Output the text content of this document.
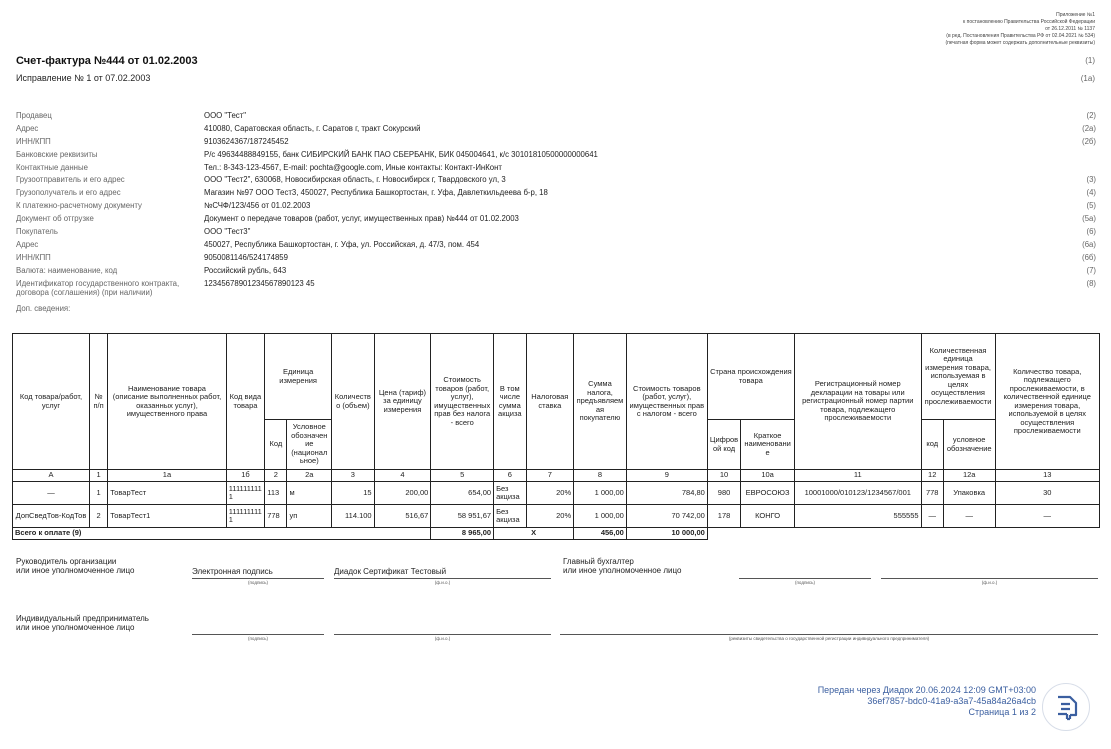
Приложение №1
к постановлению Правительства Российской Федерации
от 26.12.2011 № 1137
(в ред. Постановления Правительства РФ от 02.04.2021 № 534)
(печатная форма может содержать дополнительные реквизиты)
Счет-фактура №444 от 01.02.2003	(1)
Исправление № 1 от 07.02.2003	(1а)
Продавец	ООО "Тест"	(2)
Адрес	410080, Саратовская область, г. Саратов г, тракт Сокурский	(2а)
ИНН/КПП	9103624367/187245452	(2б)
Банковские реквизиты	Р/с 49634488849155, банк СИБИРСКИЙ БАНК ПАО СБЕРБАНК, БИК 045004641, к/с 30101810500000000641
Контактные данные	Тел.: 8-343-123-4567, E-mail: pochta@google.com, Иные контакты: Контакт-ИнКонт
Грузоотправитель и его адрес	ООО "Тест2", 630068, Новосибирская область, г. Новосибирск г, Твардовского ул, 3	(3)
Грузополучатель и его адрес	Магазин №97 ООО Тест3, 450027, Республика Башкортостан, г. Уфа, Давлеткильдеева б-р, 18	(4)
К платежно-расчетному документу	№СЧФ/123/456 от 01.02.2003	(5)
Документ об отгрузке	Документ о передаче товаров (работ, услуг, имущественных прав) №444 от 01.02.2003	(5а)
Покупатель	ООО "Тест3"	(6)
Адрес	450027, Республика Башкортостан, г. Уфа, ул. Российская, д. 47/3, пом. 454	(6а)
ИНН/КПП	9050081146/524174859	(6б)
Валюта: наименование, код	Российский рубль, 643	(7)
Идентификатор государственного контракта, договора (соглашения) (при наличии)
12345678901234567890123 45	(8)
Доп. сведения:
Код товара/работ, услуг	№ п/п	Наименование товара (описание выполненных работ, оказанных услуг), имущественного права	Код вида товара	Единица измерения		Количество (объем)	Цена (тариф) за единицу измерения	Стоимость товаров (работ, услуг), имущественных прав без налога - всего	В том числе сумма акциза	Налоговая ставка	Сумма налога, предъявляемая покупателю	Стоимость товаров (работ, услуг), имущественных прав с налогом - всего	Страна происхождения товара		Регистрационный номер декларации на товары или регистрационный номер партии товара, подлежащего прослеживаемости	Количественная единица измерения товара, используемая в целях осуществления прослеживаемости		Количество товара, подлежащего прослеживаемости, в количественной единице измерения товара, используемой в целях осуществления прослеживаемости
				Код	Условное обозначение (национальное)								Цифровой код	Краткое наименование		код	условное обозначение	
А	1	1а	1б	2	2а	3	4	5	6	7	8	9	10	10а	11	12	12а	13
—	1	ТоварТест	1111111111	113	м	15	200,00	654,00	Без акциза	20%	1 000,00	784,80	980	ЕВРОСОЮЗ	10001000/010123/1234567/001	778	Упаковка	30
ДопСведТов-КодТов	2	ТоварТест1	1111111111	778	уп	114.100	516,67	58 951,67	Без акциза	20%	1 000,00	70 742,00	178	КОНГО	555555	—	—	—
Всего к оплате (9)								8 965,00	X		456,00	10 000,00						
Руководитель организации
или иное уполномоченное лицо	Электронная подпись
(подпись)
Диадок Сертификат Тестовый
(ф.и.о.)
Главный бухгалтер
или иное уполномоченное лицо
(подпись)	(ф.и.о.)
Индивидуальный предприниматель
или иное уполномоченное лицо
(подпись)	(ф.и.о.)	(реквизиты свидетельства о государственной регистрации индивидуального предпринимателя)
Передан через Диадок 20.06.2024 12:09 GMT+03:00
36ef7857-bdc0-41a9-a3a7-45a84a26a4cb
Страница 1 из 2
